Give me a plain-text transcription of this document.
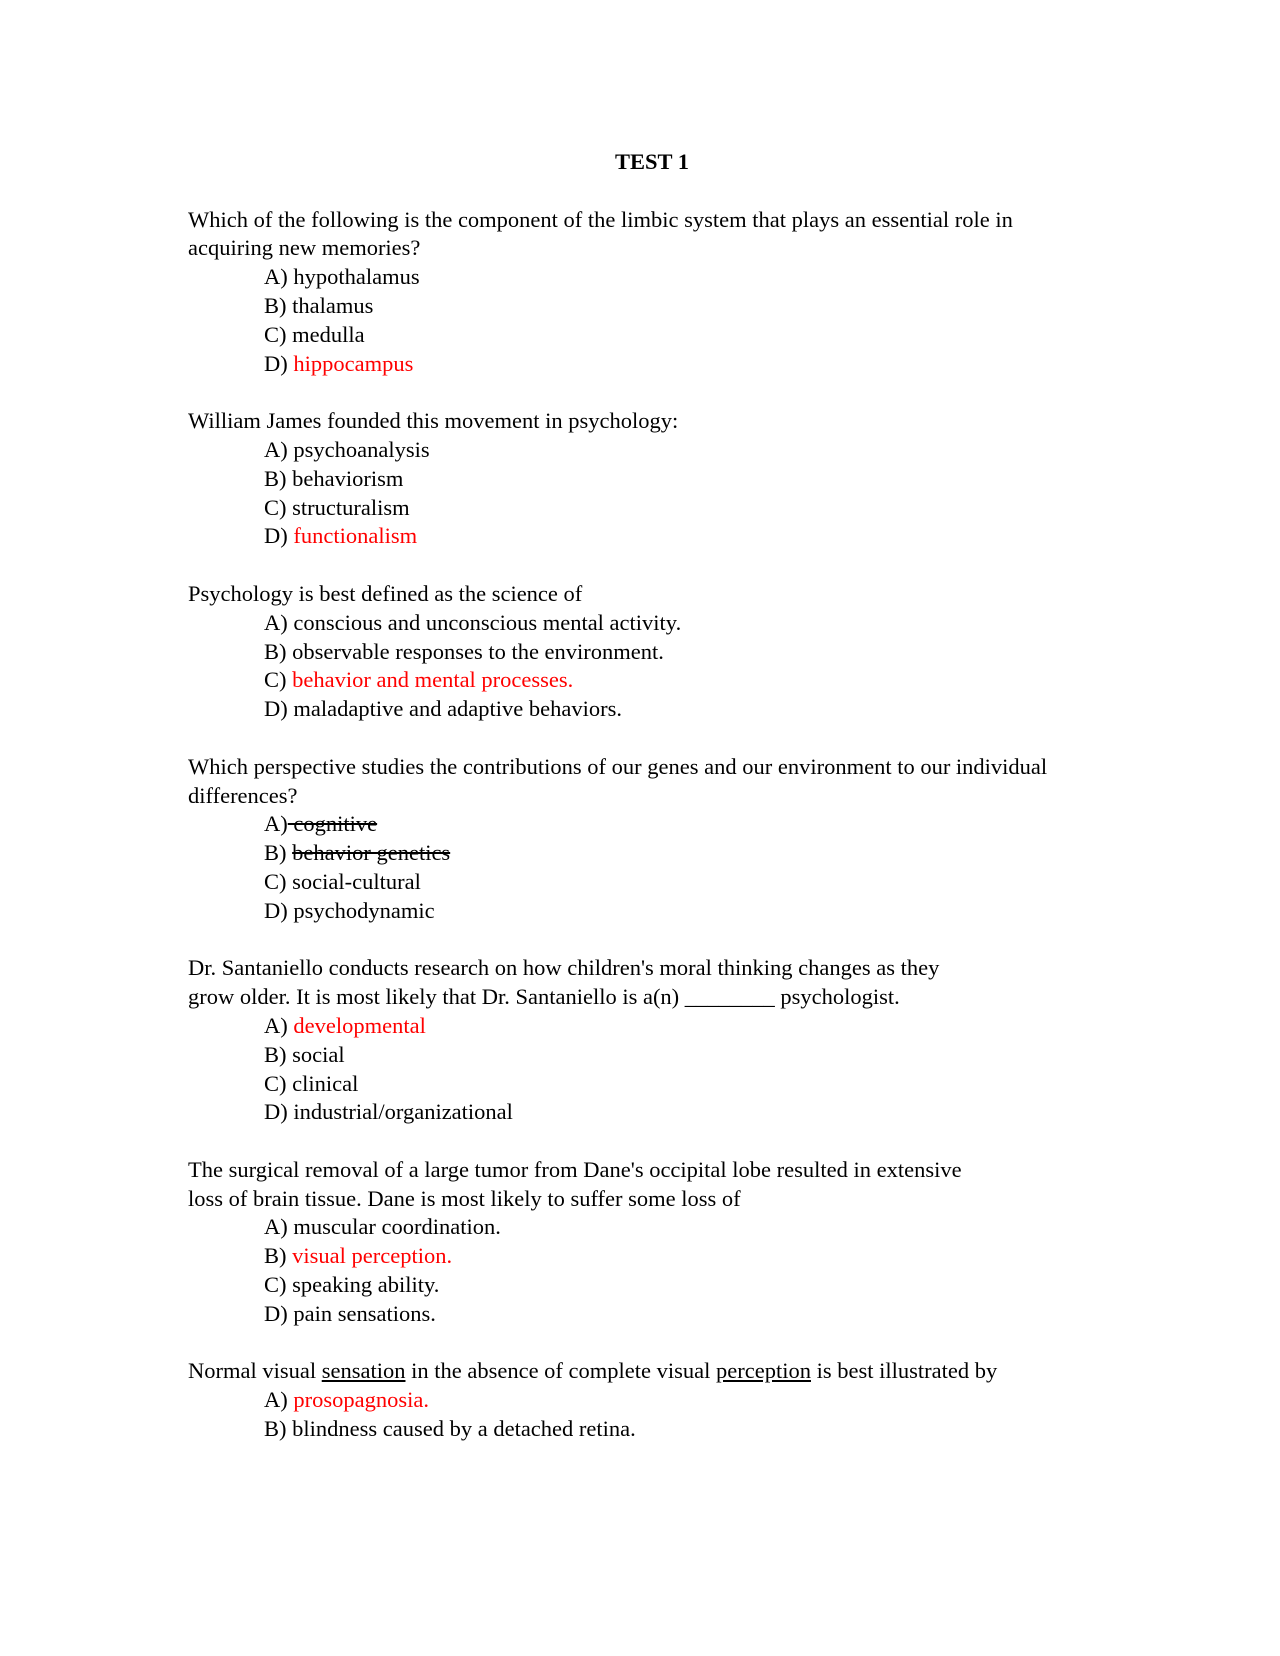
TEST 1
Which of the following is the component of the limbic system that plays an essential role in acquiring new memories?
A) hypothalamus
B) thalamus
C) medulla
D) hippocampus
William James founded this movement in psychology:
A) psychoanalysis
B) behaviorism
C) structuralism
D) functionalism
Psychology is best defined as the science of
A) conscious and unconscious mental activity.
B) observable responses to the environment.
C) behavior and mental processes.
D) maladaptive and adaptive behaviors.
Which perspective studies the contributions of our genes and our environment to our individual differences?
A) cognitive
B) behavior genetics
C) social-cultural
D) psychodynamic
Dr. Santaniello conducts research on how children's moral thinking changes as they
grow older. It is most likely that Dr. Santaniello is a(n) ________ psychologist.
A) developmental
B) social
C) clinical
D) industrial/organizational
The surgical removal of a large tumor from Dane's occipital lobe resulted in extensive
loss of brain tissue. Dane is most likely to suffer some loss of
A) muscular coordination.
B) visual perception.
C) speaking ability.
D) pain sensations.
Normal visual sensation in the absence of complete visual perception is best illustrated by
A) prosopagnosia.
B) blindness caused by a detached retina.
